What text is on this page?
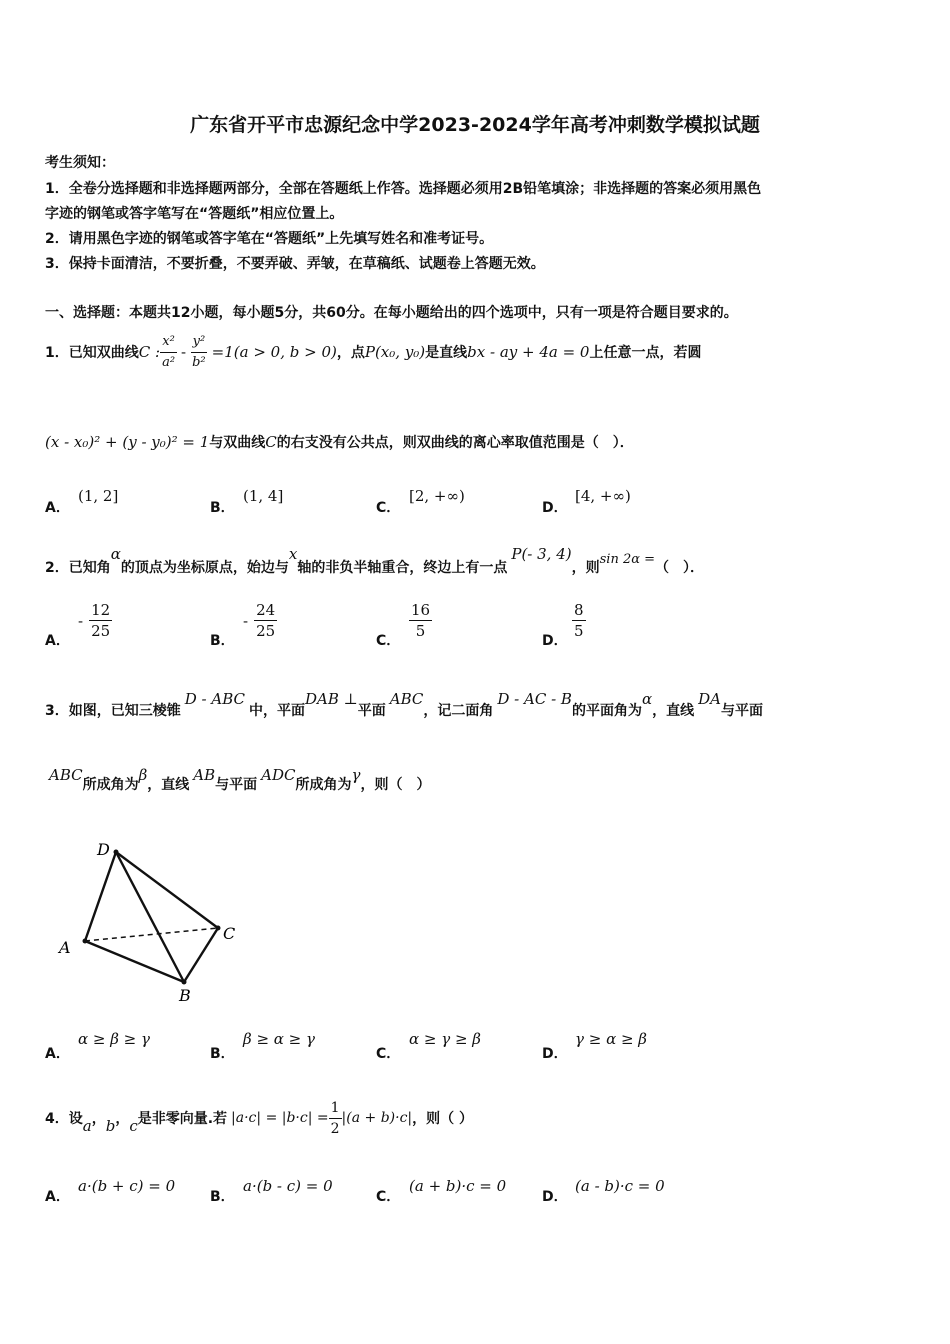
广东省开平市忠源纪念中学2023-2024学年高考冲刺数学模拟试题
考生须知：
1．全卷分选择题和非选择题两部分，全部在答题纸上作答。选择题必须用2B铅笔填涂；非选择题的答案必须用黑色
字迹的钢笔或答字笔写在“答题纸”相应位置上。
2．请用黑色字迹的钢笔或答字笔在“答题纸”上先填写姓名和准考证号。
3．保持卡面清洁，不要折叠，不要弄破、弄皱，在草稿纸、试题卷上答题无效。
一、选择题：本题共12小题，每小题5分，共60分。在每小题给出的四个选项中，只有一项是符合题目要求的。
1．已知双曲线 C : $\frac{\text{x²}}{\text{a²}} - \frac{\text{y²}}{\text{b²}} =1(a > 0$, b > 0) ，点 P(x₀, y₀) 是直线 bx - ay + 4a = 0 上任意一点，若圆
(x - x₀)² + (y - y₀)² = 1 与双曲线 C 的右支没有公共点，则双曲线的离心率取值范围是（　）．
A．
(1, 2]
B．
(1, 4]
C．
[2, +∞)
D．
[4, +∞)
2．已知角
α
的顶点为坐标原点，始边与
x
轴的非负半轴重合，终边上有一点
P(- 3, 4)
，则
sin 2α =
（　）．
A．
- $\frac{12}{25}$	B．
- $\frac{24}{25}$	C． $\frac{16}{5}$	D． $\frac{8}{5}$
3．如图，已知三棱锥
D - ABC
中，平面
DAB ⊥
平面
ABC
，记二面角
D - AC - B
的平面角为
α
，直线
DA
与平面
ABC
所成角为
β
，直线
AB
与平面
ADC
所成角为
γ
，则（　）
D
A
C
B
A．
α ≥ β ≥ γ
B．
β ≥ α ≥ γ
C．
α ≥ γ ≥ β
D．
γ ≥ α ≥ β
4．设 a ， b ， c 是非零向量.若 $|a\cdot c| = |b\cdot c| = \frac{1}{2} |(a + b)\cdot c|$ ，则（ ）
A．
a·(b + c) = 0
B．
a·(b - c) = 0
C．
(a + b)·c = 0
D．
(a - b)·c = 0
